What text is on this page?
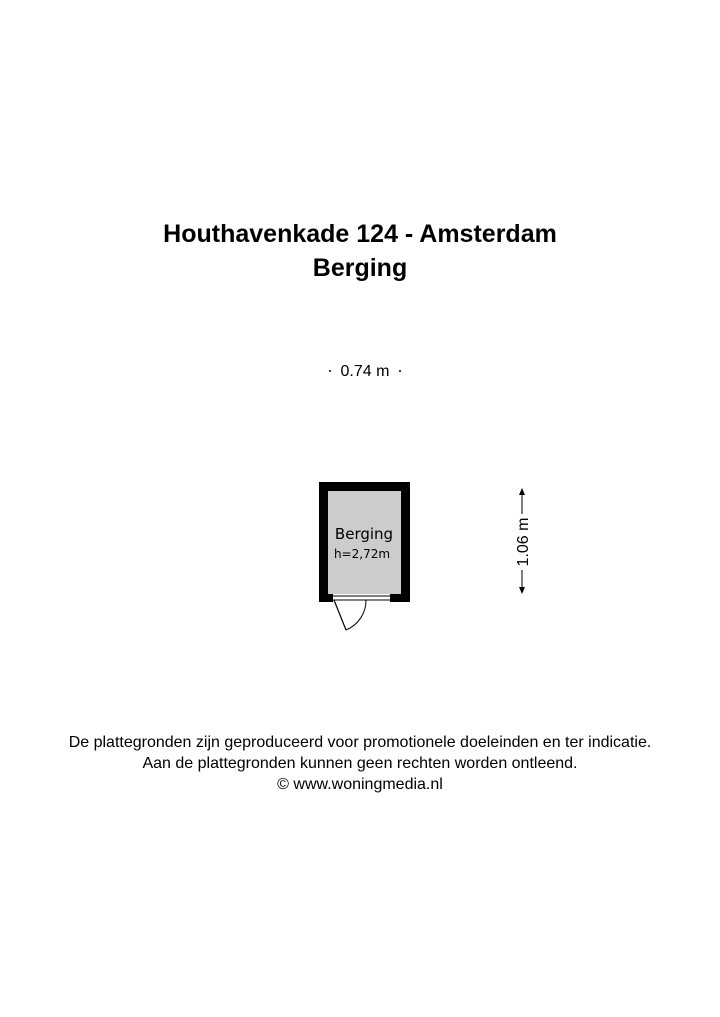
Houthavenkade 124 - Amsterdam
Berging
0.74 m
Berging
h=2,72m	1.06 m
De plattegronden zijn geproduceerd voor promotionele doeleinden en ter indicatie.
Aan de plattegronden kunnen geen rechten worden ontleend.
© www.woningmedia.nl
